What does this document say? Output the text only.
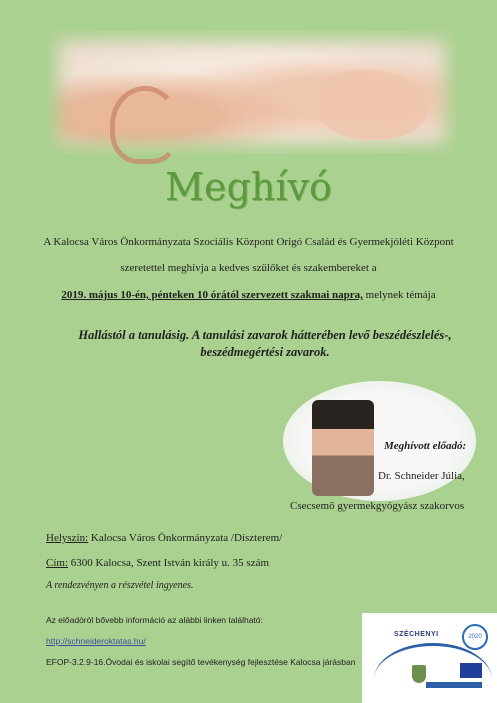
Meghívó
A Kalocsa Város Önkormányzata Szociális Központ Origó Család és Gyermekjóléti Központ
szeretettel meghívja a kedves szülőket és szakembereket a
2019. május 10-én, pénteken 10 órától szervezett szakmai napra, melynek témája
Hallástól a tanulásig. A tanulási zavarok hátterében levő beszédészlelés-,
beszédmegértési zavarok.
Meghívott előadó:
Dr. Schneider Júlia,
Csecsemő gyermekgyógyász szakorvos
Helyszín: Kalocsa Város Önkormányzata /Díszterem/
Cím: 6300 Kalocsa, Szent István király u. 35 szám
A rendezvényen a részvétel ingyenes.
Az előadóról bővebb információ az alábbi linken található:
http://schneideroktatas.hu/
EFOP-3.2.9-16.Óvodai és iskolai segítő tevékenység fejlesztése Kalocsa járásban
SZÉCHENYI	2020
